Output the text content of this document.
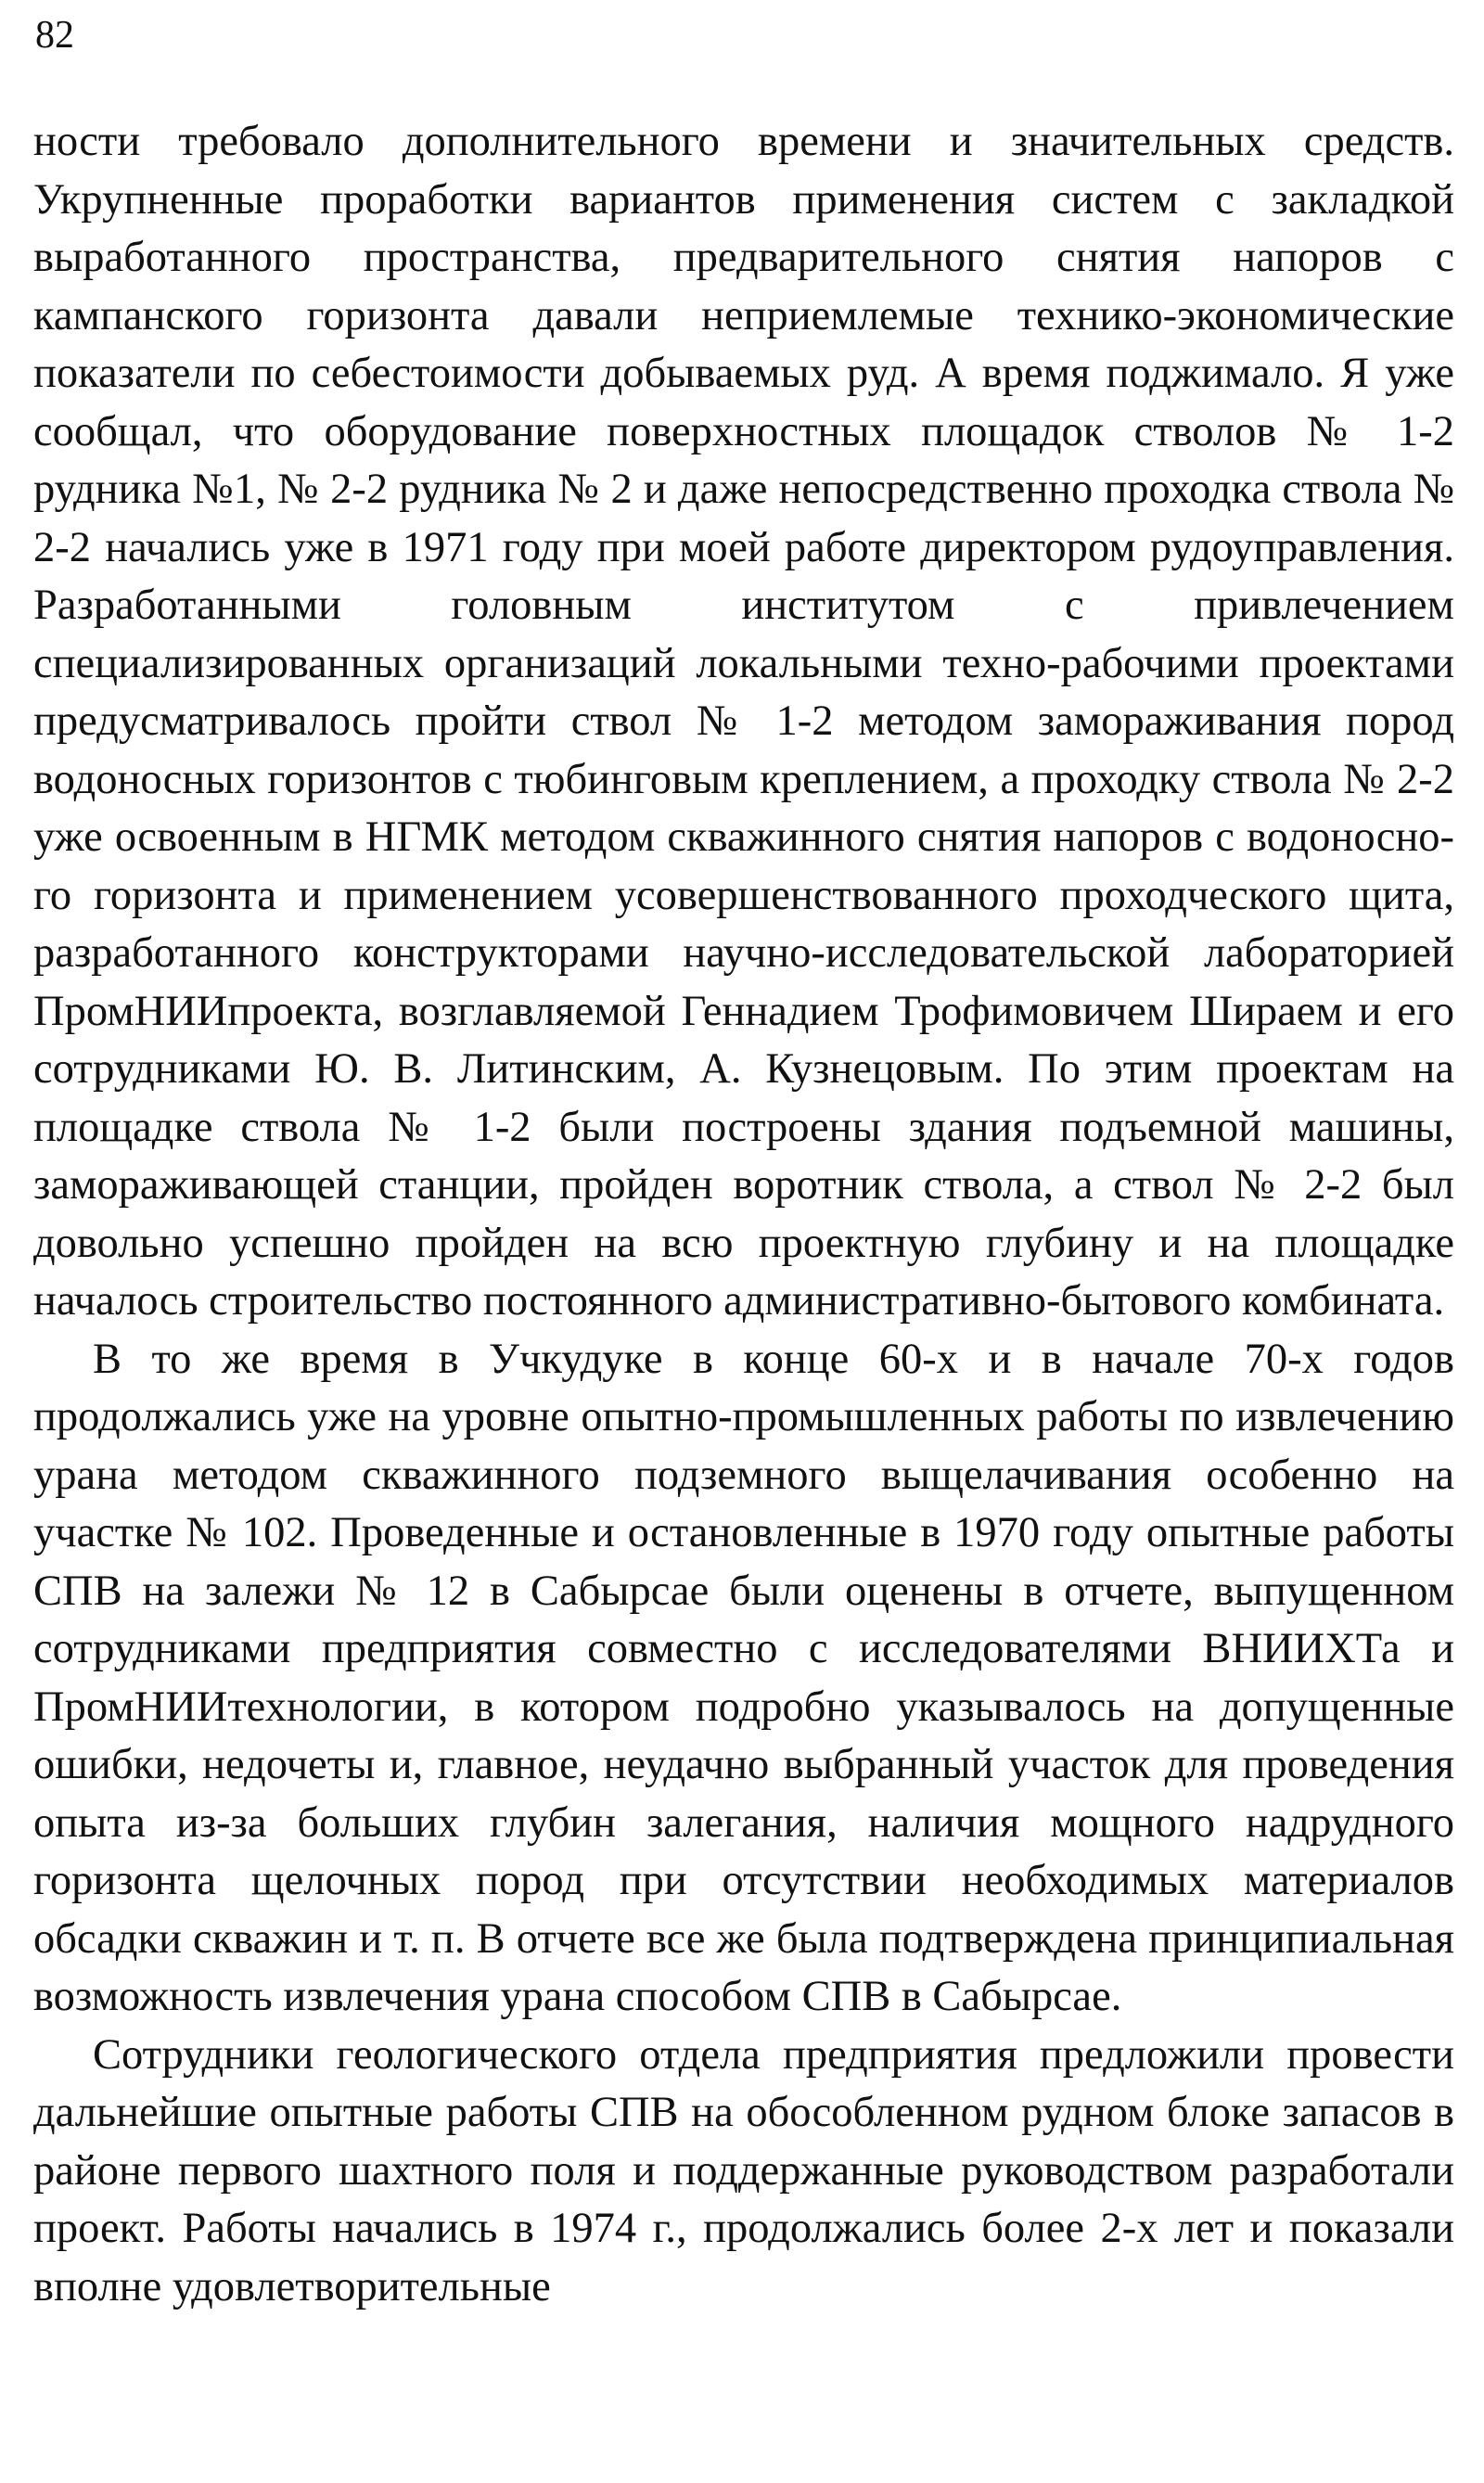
82

ности требовало дополнительного времени и значительных средств. Укрупненные проработки вариантов применения систем с закладкой выработанного пространства, предварительного снятия напоров с кампанского горизонта давали неприемлемые технико-экономические показатели по себестоимости добываемых руд. А время поджимало. Я уже сообщал, что оборудование поверхностных площадок стволов № 1-2 рудника №1, № 2-2 рудника № 2 и даже непосредственно проходка ствола № 2-2 начались уже в 1971 году при моей работе директором рудоуправления. Разработанными головным институтом с привлечением специализированных организаций локальными техно-рабочими проектами предусматривалось пройти ствол № 1-2 методом замораживания пород водоносных горизонтов с тюбинговым креплением, а проходку ствола № 2-2 уже освоенным в НГМК методом скважинного снятия напоров с водоносного горизонта и применением усовершенствованного проходческого щита, разработанного конструкторами научно-исследовательской лабораторией ПромНИИпроекта, возглавляемой Геннадием Трофимовичем Шираем и его сотрудниками Ю. В. Литинским, А. Кузнецовым. По этим проектам на площадке ствола № 1-2 были построены здания подъемной машины, замораживающей станции, пройден воротник ствола, а ствол № 2-2 был довольно успешно пройден на всю проектную глубину и на площадке началось строительство постоянного административно-бытового комбината.

В то же время в Учкудуке в конце 60-х и в начале 70-х годов продолжались уже на уровне опытно-промышленных работы по извлечению урана методом скважинного подземного выщелачивания особенно на участке № 102. Проведенные и остановленные в 1970 году опытные работы СПВ на залежи № 12 в Сабырсае были оценены в отчете, выпущенном сотрудниками предприятия совместно с исследователями ВНИИХТа и ПромНИИтехнологии, в котором подробно указывалось на допущенные ошибки, недочеты и, главное, неудачно выбранный участок для проведения опыта из-за больших глубин залегания, наличия мощного надрудного горизонта щелочных пород при отсутствии необходимых материалов обсадки скважин и т. п. В отчете все же была подтверждена принципиальная возможность извлечения урана способом СПВ в Сабырсае.

Сотрудники геологического отдела предприятия предложили провести дальнейшие опытные работы СПВ на обособленном рудном блоке запасов в районе первого шахтного поля и поддержанные руководством разработали проект. Работы начались в 1974 г., продолжались более 2-х лет и показали вполне удовлетворительные
